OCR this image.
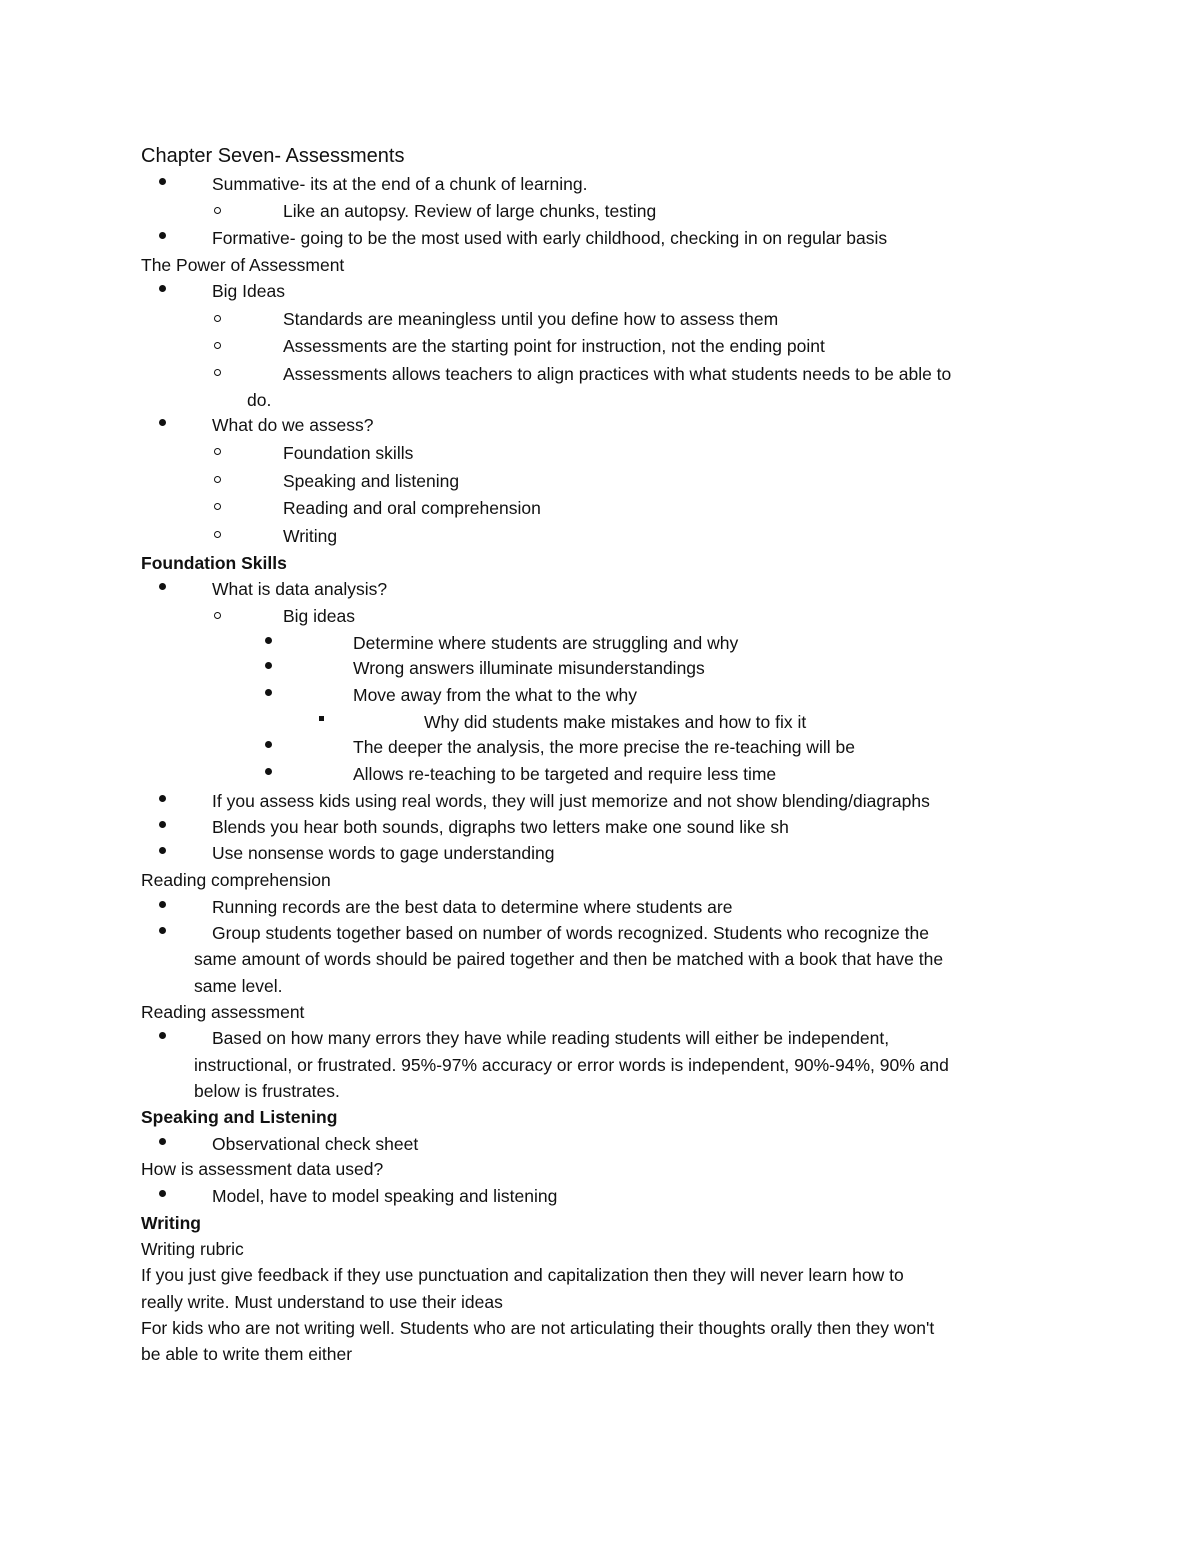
Chapter Seven- Assessments
Summative- its at the end of a chunk of learning.
Like an autopsy. Review of large chunks, testing
Formative- going to be the most used with early childhood, checking in on regular basis
The Power of Assessment
Big Ideas
Standards are meaningless until you define how to assess them
Assessments are the starting point for instruction, not the ending point
Assessments allows teachers to align practices with what students needs to be able to
do.
What do we assess?
Foundation skills
Speaking and listening
Reading and oral comprehension
Writing
Foundation Skills
What is data analysis?
Big ideas
Determine where students are struggling and why
Wrong answers illuminate misunderstandings
Move away from the what to the why
Why did students make mistakes and how to fix it
The deeper the analysis, the more precise the re-teaching will be
Allows re-teaching to be targeted and require less time
If you assess kids using real words, they will just memorize and not show blending/diagraphs
Blends you hear both sounds, digraphs two letters make one sound like sh
Use nonsense words to gage understanding
Reading comprehension
Running records are the best data to determine where students are
Group students together based on number of words recognized. Students who recognize the
same amount of words should be paired together and then be matched with a book that have the
same level.
Reading assessment
Based on how many errors they have while reading students will either be independent,
instructional, or frustrated. 95%-97% accuracy or error words is independent, 90%-94%, 90% and
below is frustrates.
Speaking and Listening
Observational check sheet
How is assessment data used?
Model, have to model speaking and listening
Writing
Writing rubric
If you just give feedback if they use punctuation and capitalization then they will never learn how to
really write. Must understand to use their ideas
For kids who are not writing well. Students who are not articulating their thoughts orally then they won't
be able to write them either
